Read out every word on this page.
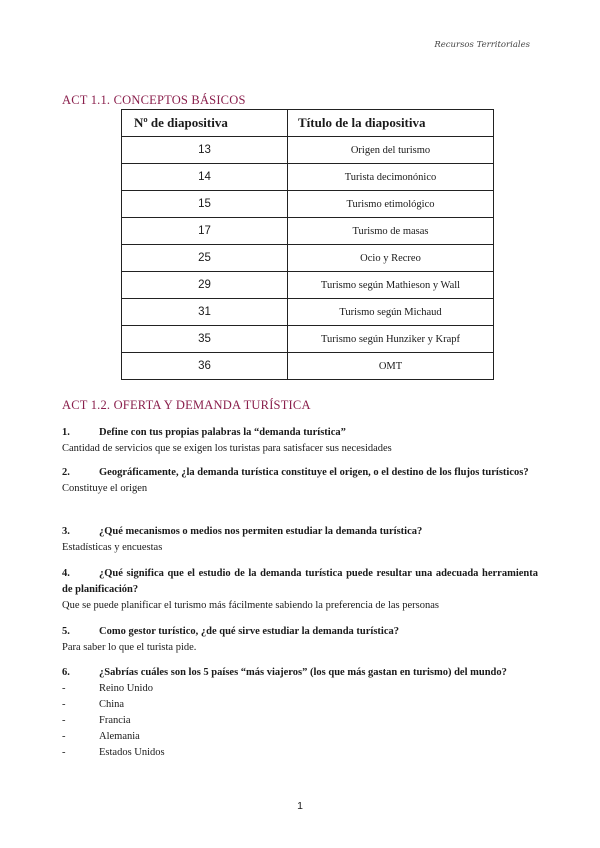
Recursos Territoriales
ACT 1.1. CONCEPTOS BÁSICOS
Nº de diapositiva	Título de la diapositiva
13	Origen del turismo
14	Turista decimonónico
15	Turismo etimológico
17	Turismo de masas
25	Ocio y Recreo
29	Turismo según Mathieson y Wall
31	Turismo según Michaud
35	Turismo según Hunziker y Krapf
36	OMT
ACT 1.2. OFERTA Y DEMANDA TURÍSTICA
1.	Define con tus propias palabras la “demanda turística”
Cantidad de servicios que se exigen los turistas para satisfacer sus necesidades
2.	Geográficamente, ¿la demanda turística constituye el origen, o el destino de los flujos turísticos?
Constituye el origen
3.	¿Qué mecanismos o medios nos permiten estudiar la demanda turística?
Estadísticas y encuestas
4.	¿Qué significa que el estudio de la demanda turística puede resultar una adecuada herramienta de planificación?
Que se puede planificar el turismo más fácilmente sabiendo la preferencia de las personas
5.	Como gestor turístico, ¿de qué sirve estudiar la demanda turística?
Para saber lo que el turista pide.
6.	¿Sabrías cuáles son los 5 países “más viajeros” (los que más gastan en turismo) del mundo?
- Reino Unido
- China
- Francia
- Alemania
- Estados Unidos
1
